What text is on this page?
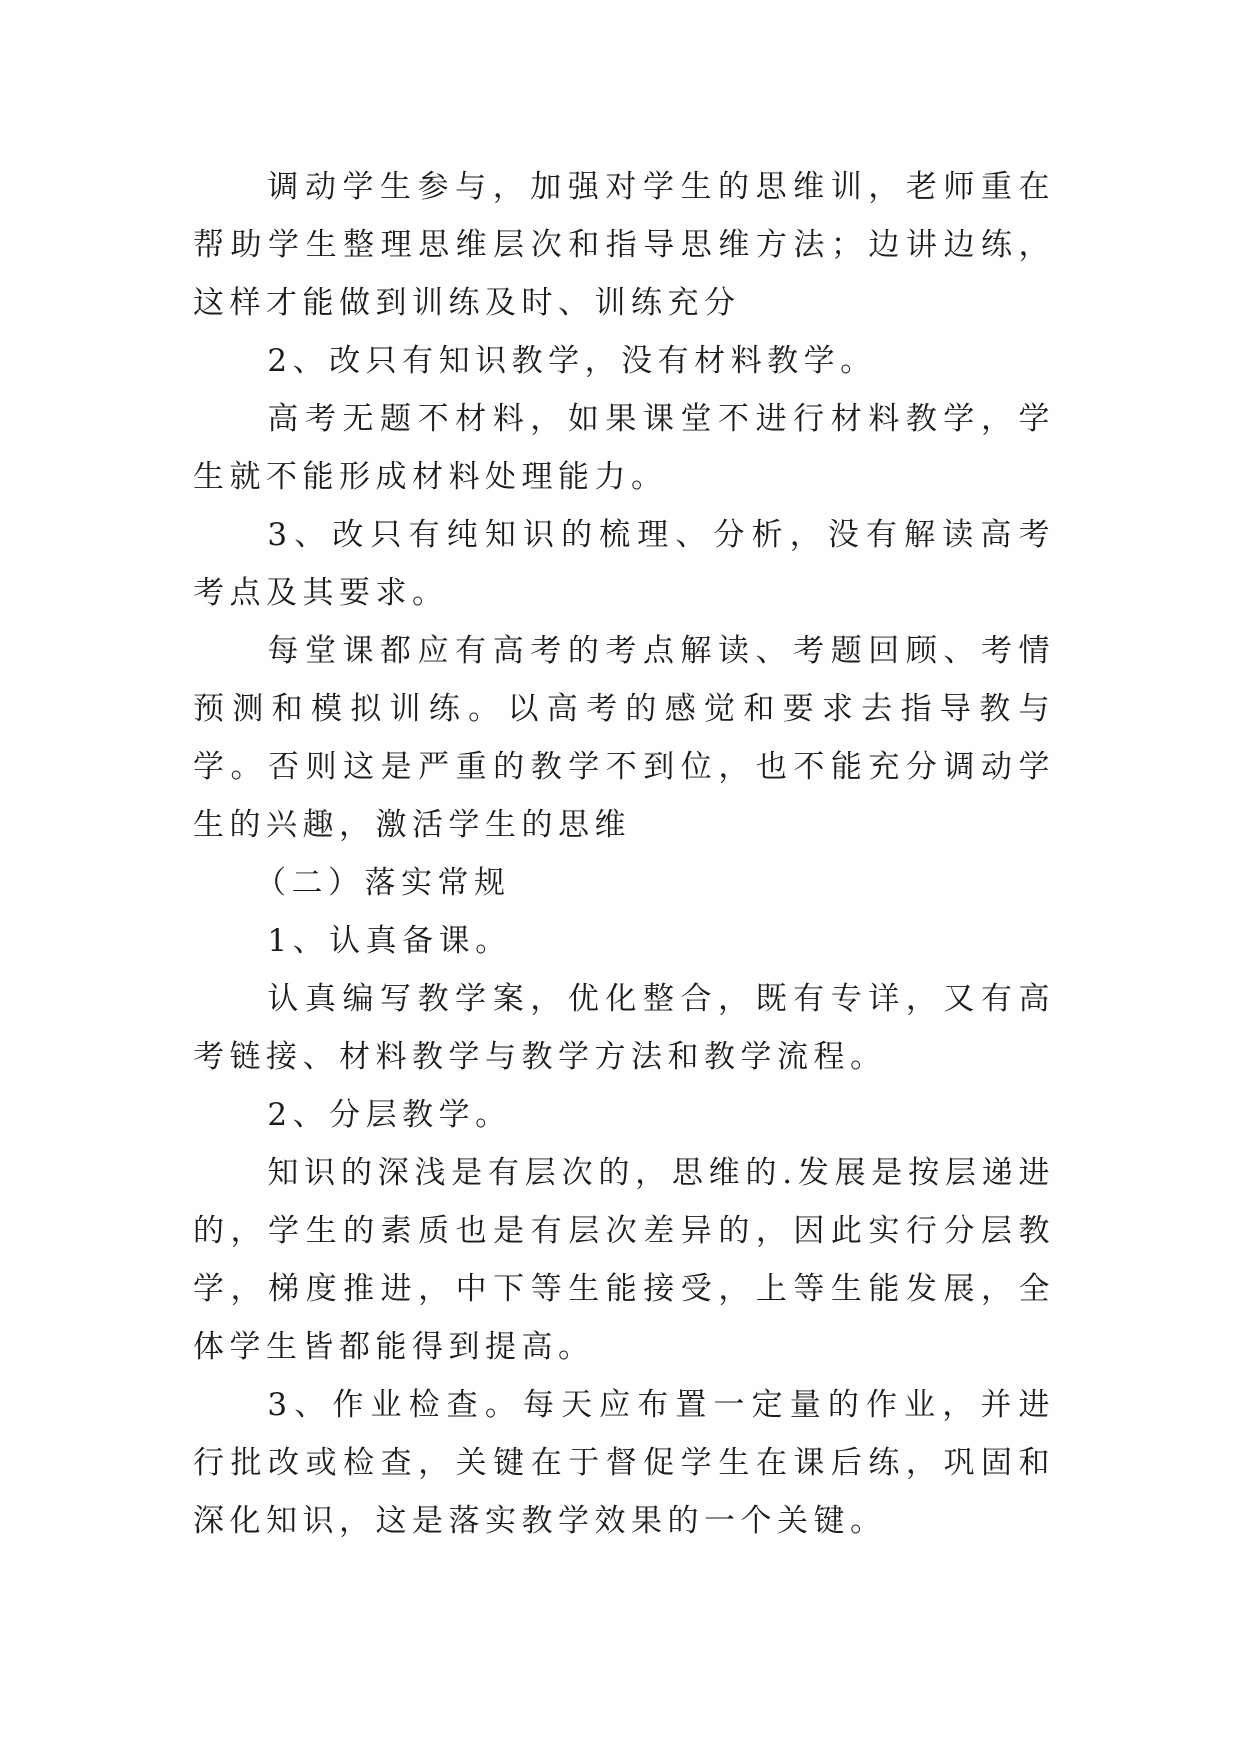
调动学生参与，加强对学生的思维训，老师重在帮助学生整理思维层次和指导思维方法；边讲边练，这样才能做到训练及时、训练充分

2、改只有知识教学，没有材料教学。

高考无题不材料，如果课堂不进行材料教学，学生就不能形成材料处理能力。

3、改只有纯知识的梳理、分析，没有解读高考考点及其要求。

每堂课都应有高考的考点解读、考题回顾、考情预测和模拟训练。以高考的感觉和要求去指导教与学。否则这是严重的教学不到位，也不能充分调动学生的兴趣，激活学生的思维

（二）落实常规

1、认真备课。

认真编写教学案，优化整合，既有专详，又有高考链接、材料教学与教学方法和教学流程。

2、分层教学。

知识的深浅是有层次的，思维的.发展是按层递进的，学生的素质也是有层次差异的，因此实行分层教学，梯度推进，中下等生能接受，上等生能发展，全体学生皆都能得到提高。

3、作业检查。每天应布置一定量的作业，并进行批改或检查，关键在于督促学生在课后练，巩固和深化知识，这是落实教学效果的一个关键。
